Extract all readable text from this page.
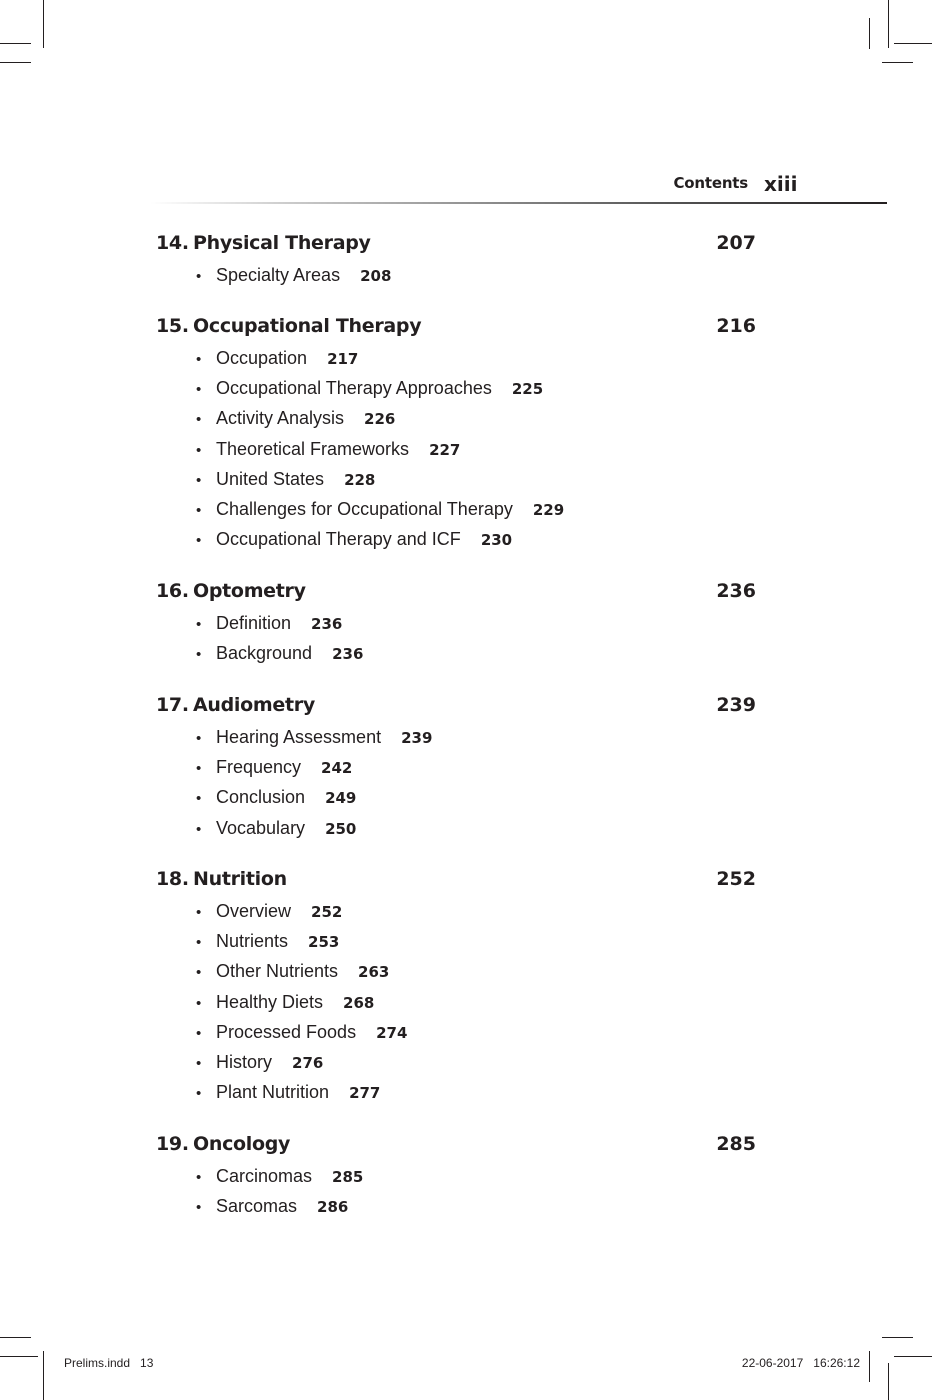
Contents xiii
14. Physical Therapy	207
• Specialty Areas 208
15. Occupational Therapy	216
• Occupation 217
• Occupational Therapy Approaches 225
• Activity Analysis 226
• Theoretical Frameworks 227
• United States 228
• Challenges for Occupational Therapy 229
• Occupational Therapy and ICF 230
16. Optometry	236
• Definition 236
• Background 236
17. Audiometry	239
• Hearing Assessment 239
• Frequency 242
• Conclusion 249
• Vocabulary 250
18. Nutrition	252
• Overview 252
• Nutrients 253
• Other Nutrients 263
• Healthy Diets 268
• Processed Foods 274
• History 276
• Plant Nutrition 277
19. Oncology	285
• Carcinomas 285
• Sarcomas 286
Prelims.indd   13	22-06-2017   16:26:12
